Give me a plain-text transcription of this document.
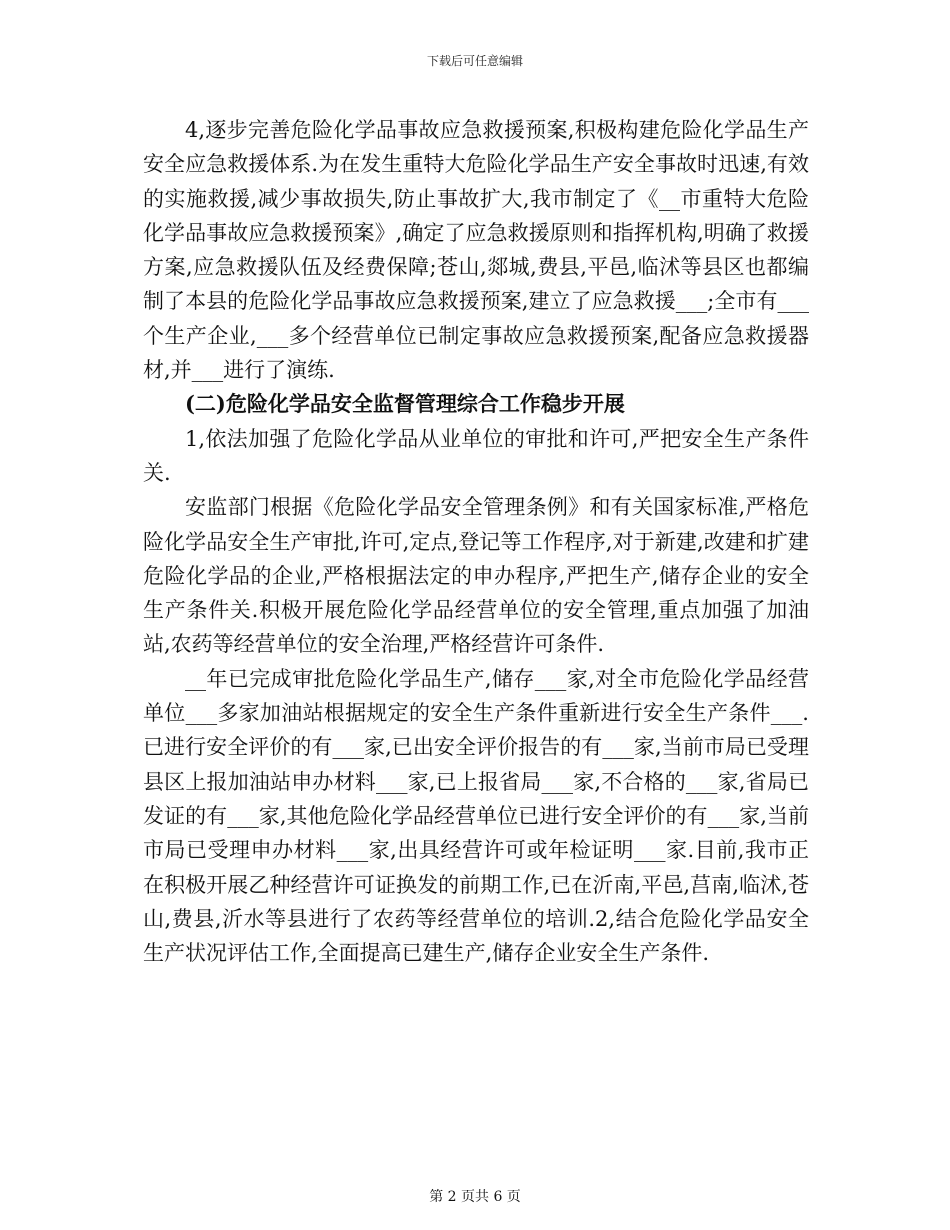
下载后可任意编辑

4,逐步完善危险化学品事故应急救援预案,积极构建危险化学品生产安全应急救援体系.为在发生重特大危险化学品生产安全事故时迅速,有效的实施救援,减少事故损失,防止事故扩大,我市制定了《__市重特大危险化学品事故应急救援预案》,确定了应急救援原则和指挥机构,明确了救援方案,应急救援队伍及经费保障;苍山,郯城,费县,平邑,临沭等县区也都编制了本县的危险化学品事故应急救援预案,建立了应急救援___;全市有___个生产企业,___多个经营单位已制定事故应急救援预案,配备应急救援器材,并___进行了演练.

(二)危险化学品安全监督管理综合工作稳步开展

1,依法加强了危险化学品从业单位的审批和许可,严把安全生产条件关.

安监部门根据《危险化学品安全管理条例》和有关国家标准,严格危险化学品安全生产审批,许可,定点,登记等工作程序,对于新建,改建和扩建危险化学品的企业,严格根据法定的申办程序,严把生产,储存企业的安全生产条件关.积极开展危险化学品经营单位的安全管理,重点加强了加油站,农药等经营单位的安全治理,严格经营许可条件.

__年已完成审批危险化学品生产,储存___家,对全市危险化学品经营单位___多家加油站根据规定的安全生产条件重新进行安全生产条件___.已进行安全评价的有___家,已出安全评价报告的有___家,当前市局已受理县区上报加油站申办材料___家,已上报省局___家,不合格的___家,省局已发证的有___家,其他危险化学品经营单位已进行安全评价的有___家,当前市局已受理申办材料___家,出具经营许可或年检证明___家.目前,我市正在积极开展乙种经营许可证换发的前期工作,已在沂南,平邑,莒南,临沭,苍山,费县,沂水等县进行了农药等经营单位的培训.2,结合危险化学品安全生产状况评估工作,全面提高已建生产,储存企业安全生产条件.

第 2 页共 6 页
